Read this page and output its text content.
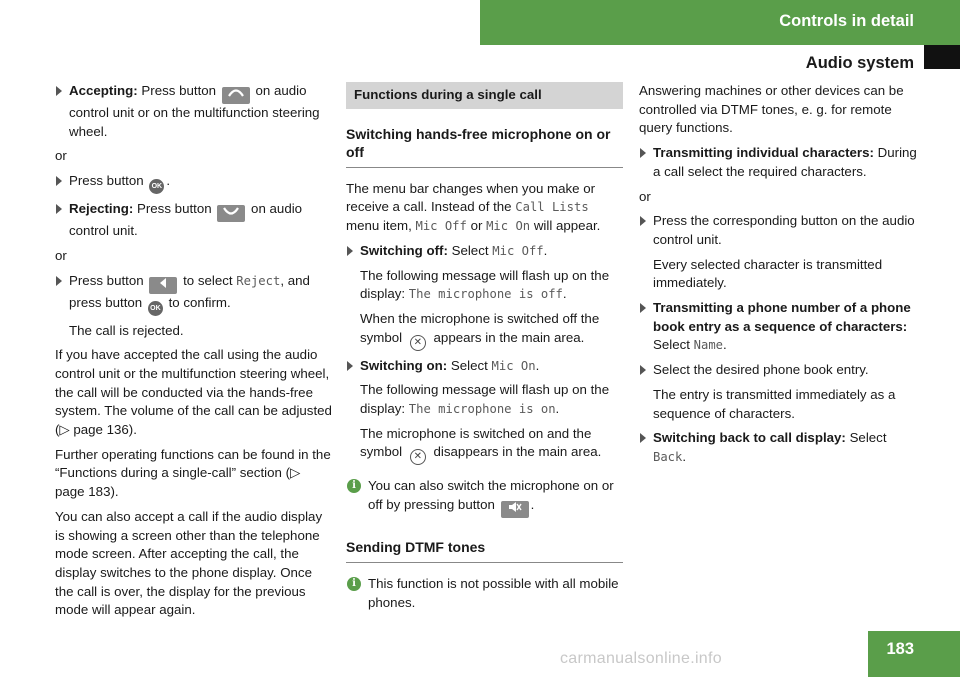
Controls in detail
Audio system
Accepting: Press button	on audio control unit or on the multifunction steering wheel.
or
Press button OK .
Rejecting: Press button	on audio control unit.
or
Press button	to select Reject, and press button OK to confirm.
The call is rejected.
If you have accepted the call using the audio control unit or the multifunction steering wheel, the call will be conducted via the hands-free system. The volume of the call can be adjusted (▷ page 136).
Further operating functions can be found in the “Functions during a single-call” section (▷ page 183).
You can also accept a call if the audio display is showing a screen other than the telephone mode screen. After accepting the call, the display switches to the phone display. Once the call is over, the display for the previous mode will appear again.
Functions during a single call
Switching hands-free microphone on or off
The menu bar changes when you make or receive a call. Instead of the Call Lists menu item, Mic Off or Mic On will appear.
Switching off: Select Mic Off.
The following message will flash up on the display: The microphone is off.
When the microphone is switched off the symbol ✕ appears in the main area.
Switching on: Select Mic On.
The following message will flash up on the display: The microphone is on.
The microphone is switched on and the symbol ✕ disappears in the main area.
i You can also switch the microphone on or off by pressing button	.
Sending DTMF tones
i This function is not possible with all mobile phones.
Answering machines or other devices can be controlled via DTMF tones, e. g. for remote query functions.
Transmitting individual characters: During a call select the required characters.
or
Press the corresponding button on the audio control unit.
Every selected character is transmitted immediately.
Transmitting a phone number of a phone book entry as a sequence of characters: Select Name.
Select the desired phone book entry.
The entry is transmitted immediately as a sequence of characters.
Switching back to call display: Select Back.
183
carmanualsonline.info
